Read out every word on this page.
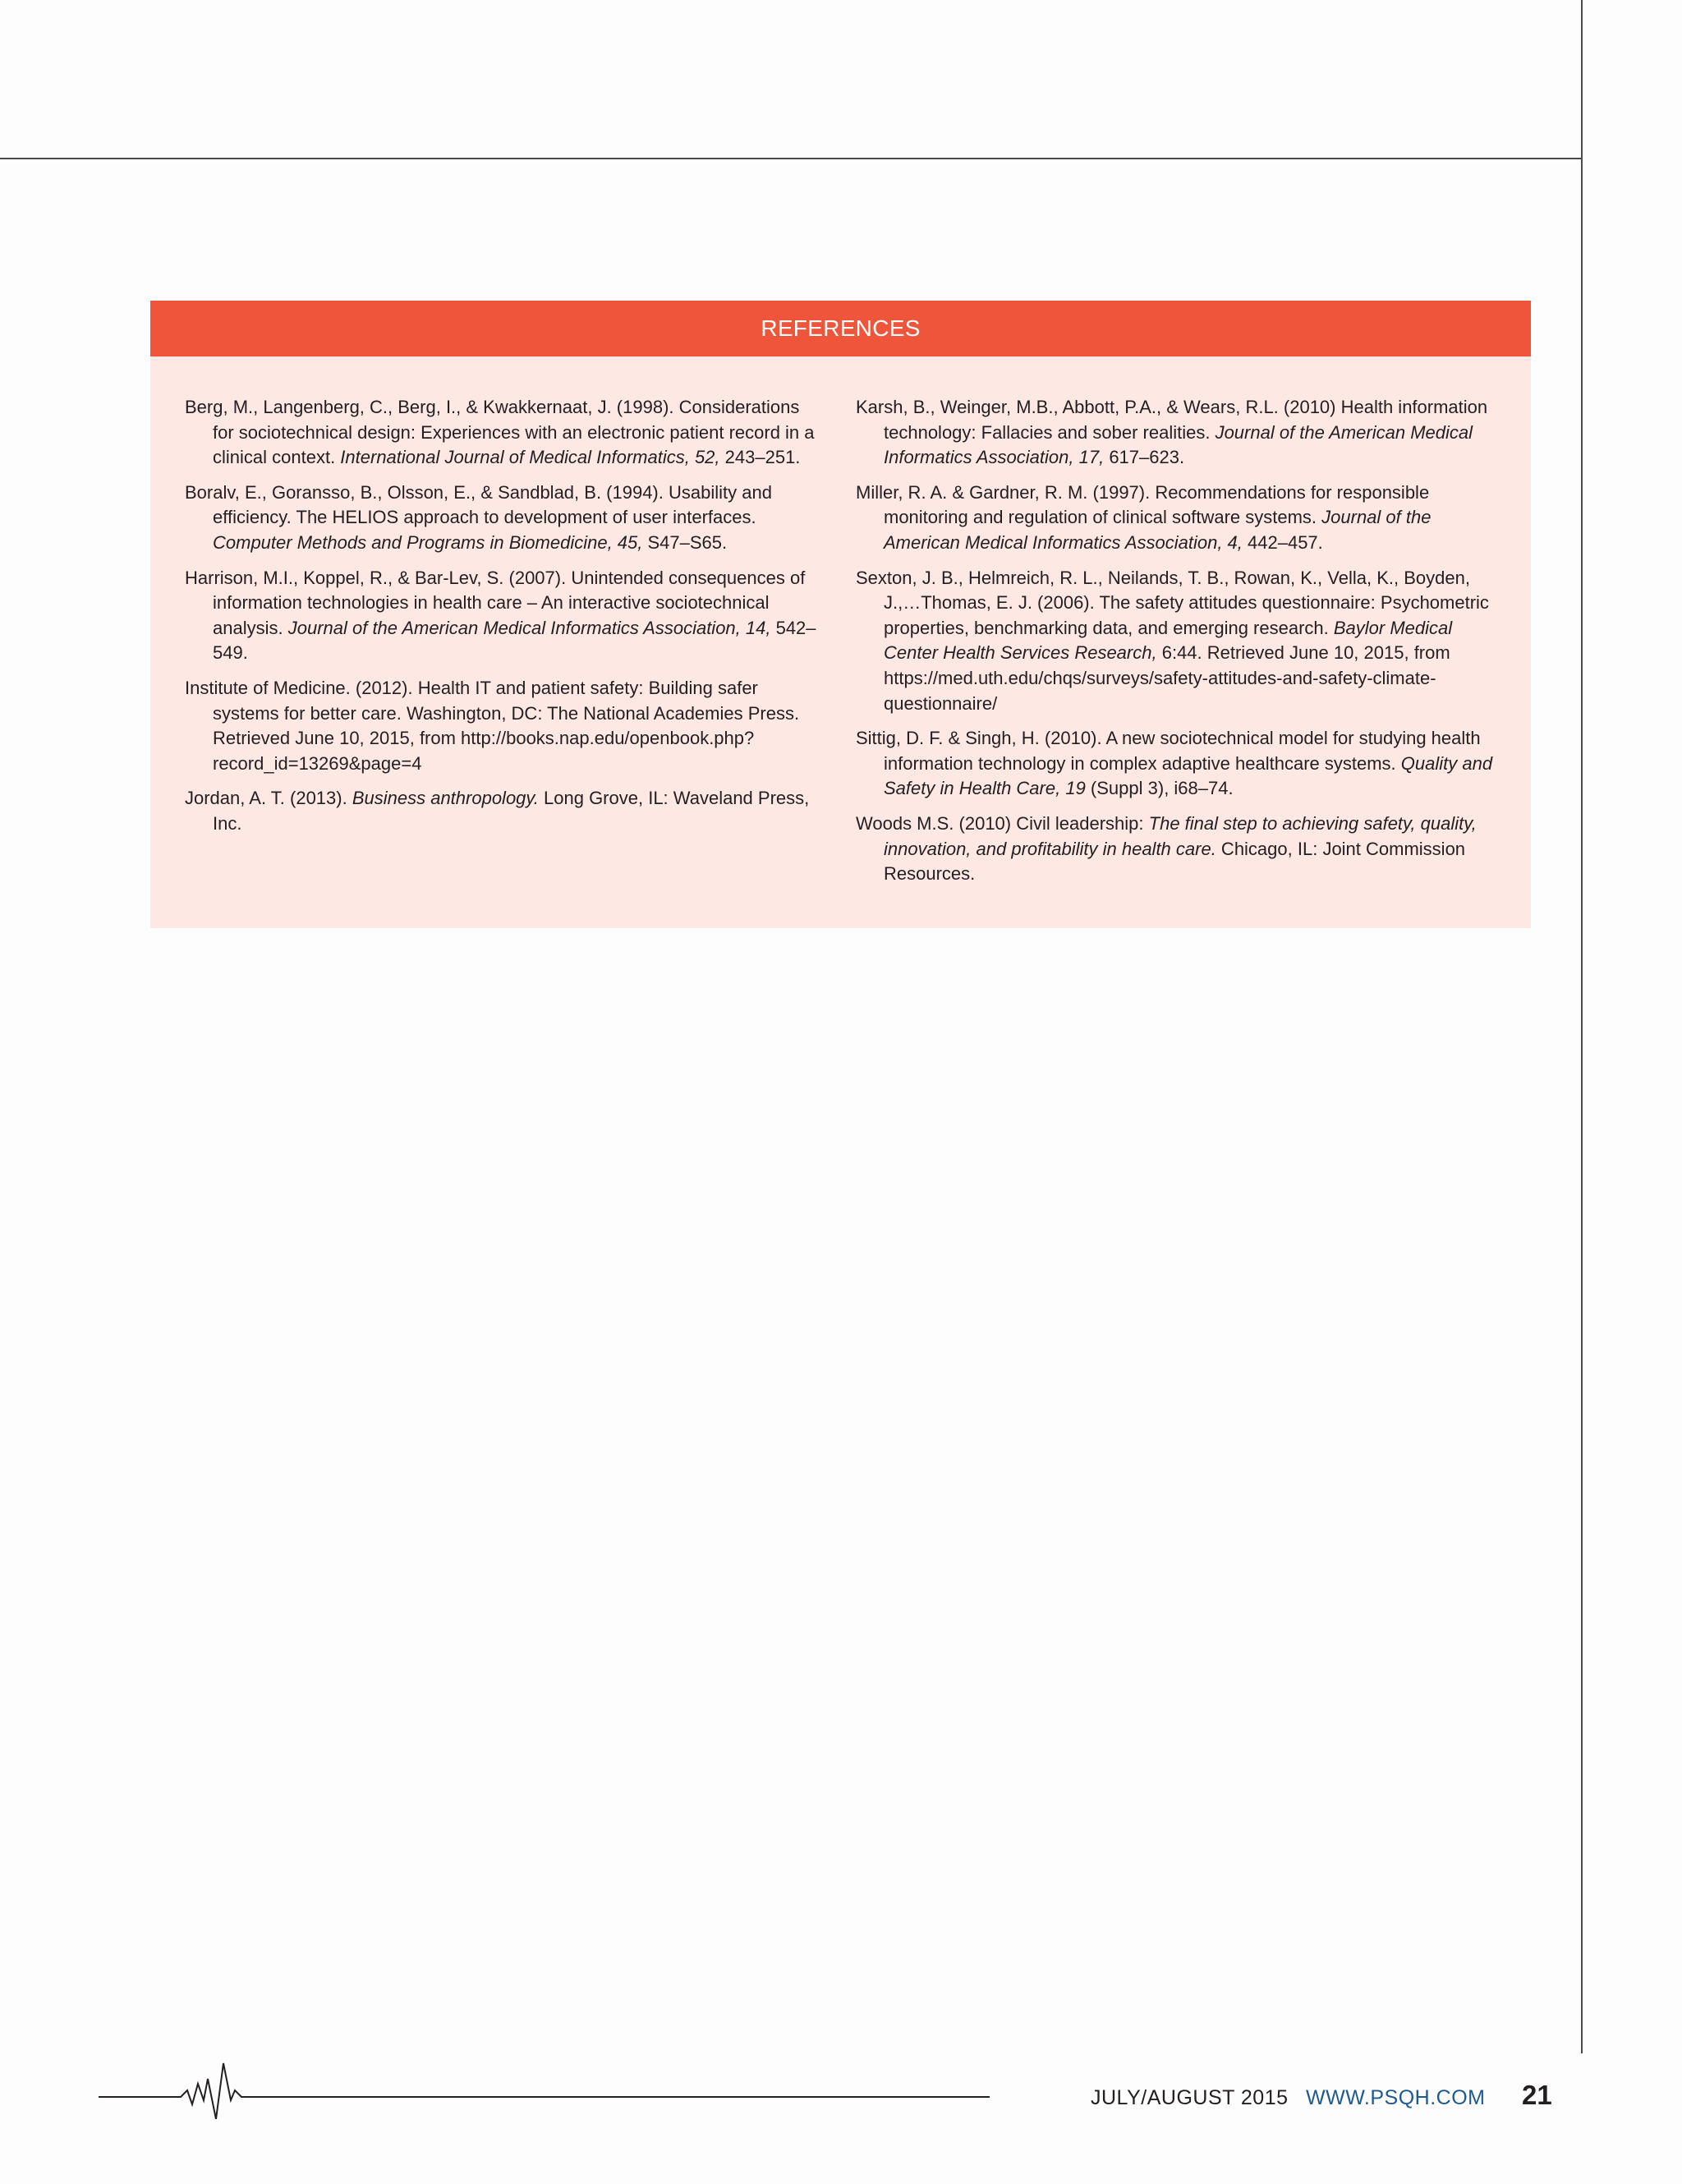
REFERENCES

Berg, M., Langenberg, C., Berg, I., & Kwakkernaat, J. (1998). Considerations for sociotechnical design: Experiences with an electronic patient record in a clinical context. International Journal of Medical Informatics, 52, 243–251.

Boralv, E., Goransso, B., Olsson, E., & Sandblad, B. (1994). Usability and efficiency. The HELIOS approach to development of user interfaces. Computer Methods and Programs in Biomedicine, 45, S47–S65.

Harrison, M.I., Koppel, R., & Bar-Lev, S. (2007). Unintended consequences of information technologies in health care – An interactive sociotechnical analysis. Journal of the American Medical Informatics Association, 14, 542–549.

Institute of Medicine. (2012). Health IT and patient safety: Building safer systems for better care. Washington, DC: The National Academies Press. Retrieved June 10, 2015, from http://books.nap.edu/openbook.php?record_id=13269&page=4

Jordan, A. T. (2013). Business anthropology. Long Grove, IL: Waveland Press, Inc.

Karsh, B., Weinger, M.B., Abbott, P.A., & Wears, R.L. (2010) Health information technology: Fallacies and sober realities. Journal of the American Medical Informatics Association, 17, 617–623.

Miller, R. A. & Gardner, R. M. (1997). Recommendations for responsible monitoring and regulation of clinical software systems. Journal of the American Medical Informatics Association, 4, 442–457.

Sexton, J. B., Helmreich, R. L., Neilands, T. B., Rowan, K., Vella, K., Boyden, J.,…Thomas, E. J. (2006). The safety attitudes questionnaire: Psychometric properties, benchmarking data, and emerging research. Baylor Medical Center Health Services Research, 6:44. Retrieved June 10, 2015, from https://med.uth.edu/chqs/surveys/safety-attitudes-and-safety-climate-questionnaire/

Sittig, D. F. & Singh, H. (2010). A new sociotechnical model for studying health information technology in complex adaptive healthcare systems. Quality and Safety in Health Care, 19 (Suppl 3), i68–74.

Woods M.S. (2010) Civil leadership: The final step to achieving safety, quality, innovation, and profitability in health care. Chicago, IL: Joint Commission Resources.

JULY/AUGUST 2015 WWW.PSQH.COM 21
